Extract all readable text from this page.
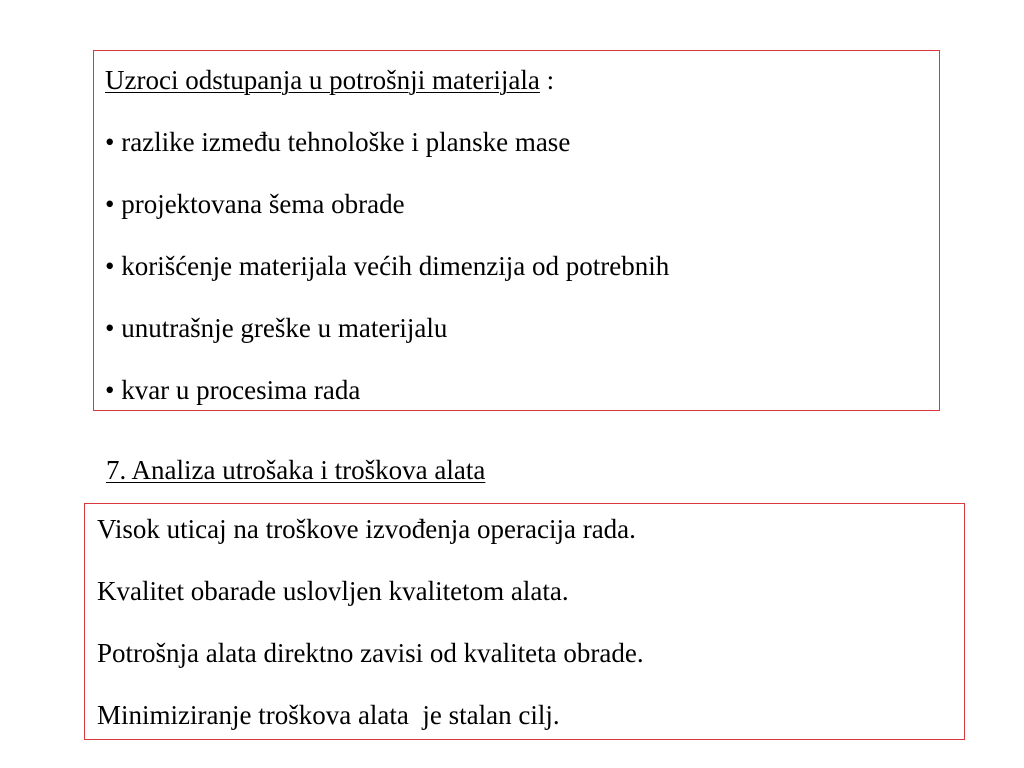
Uzroci odstupanja u potrošnji materijala :

• razlike između tehnološke i planske mase

• projektovana šema obrade

• korišćenje materijala većih dimenzija od potrebnih

• unutrašnje greške u materijalu

• kvar u procesima rada

7. Analiza utrošaka i troškova alata

Visok uticaj na troškove izvođenja operacija rada.

Kvalitet obarade uslovljen kvalitetom alata.

Potrošnja alata direktno zavisi od kvaliteta obrade.

Minimiziranje troškova alata  je stalan cilj.
